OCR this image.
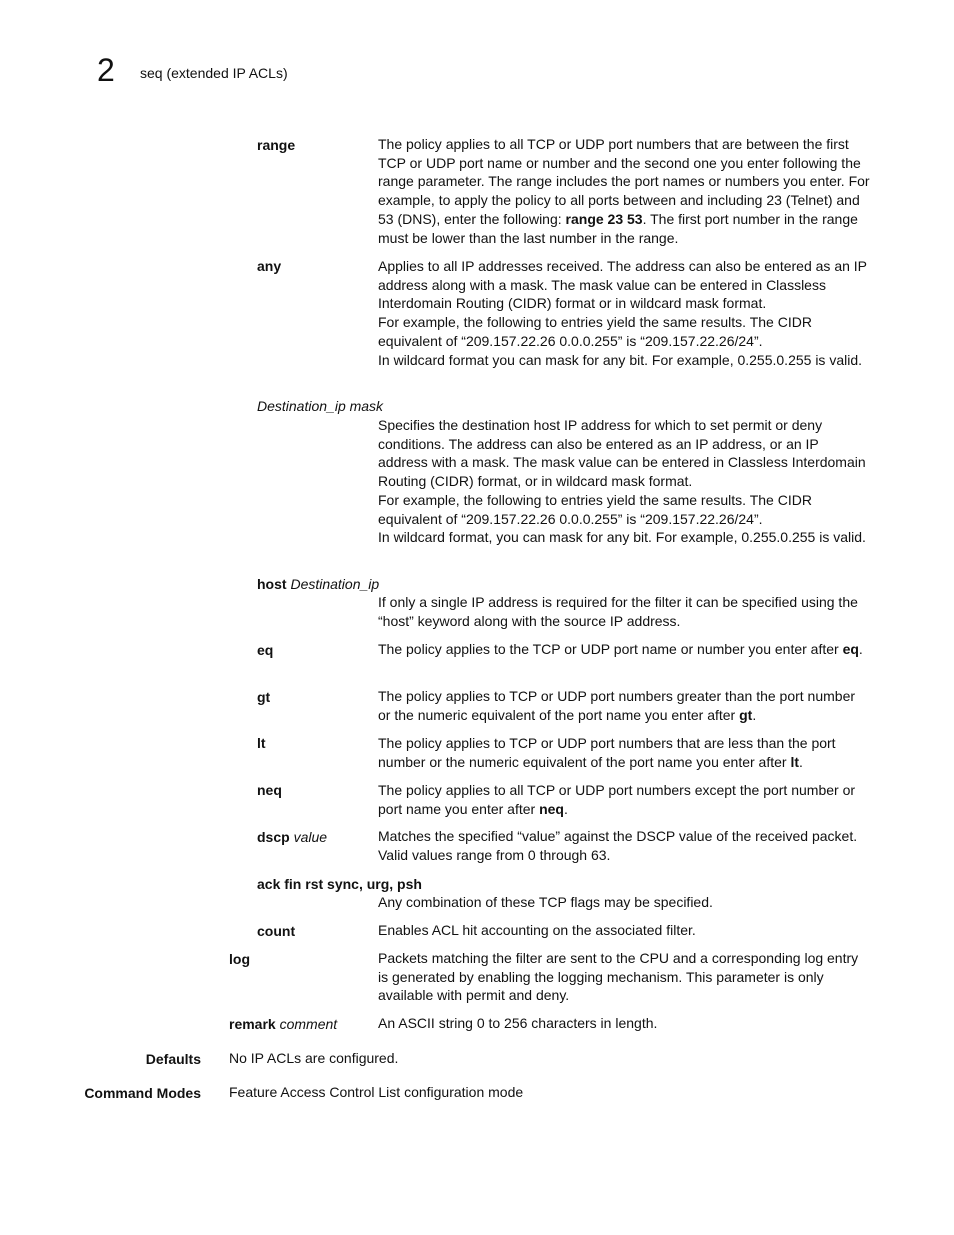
2 seq (extended IP ACLs)
range	The policy applies to all TCP or UDP port numbers that are between the first TCP or UDP port name or number and the second one you enter following the range parameter. The range includes the port names or numbers you enter. For example, to apply the policy to all ports between and including 23 (Telnet) and 53 (DNS), enter the following: range 23 53. The first port number in the range must be lower than the last number in the range.
any	Applies to all IP addresses received. The address can also be entered as an IP address along with a mask. The mask value can be entered in Classless Interdomain Routing (CIDR) format or in wildcard mask format.

For example, the following to entries yield the same results. The CIDR equivalent of “209.157.22.26 0.0.0.255” is “209.157.22.26/24”.

In wildcard format you can mask for any bit. For example, 0.255.0.255 is valid.

Destination_ip mask

Specifies the destination host IP address for which to set permit or deny conditions. The address can also be entered as an IP address, or an IP address with a mask. The mask value can be entered in Classless Interdomain Routing (CIDR) format, or in wildcard mask format.

For example, the following to entries yield the same results. The CIDR equivalent of “209.157.22.26 0.0.0.255” is “209.157.22.26/24”.

In wildcard format, you can mask for any bit. For example, 0.255.0.255 is valid.

host Destination_ip
If only a single IP address is required for the filter it can be specified using the “host” keyword along with the source IP address.
eq	The policy applies to the TCP or UDP port name or number you enter after eq.
gt	The policy applies to TCP or UDP port numbers greater than the port number or the numeric equivalent of the port name you enter after gt.
lt	The policy applies to TCP or UDP port numbers that are less than the port number or the numeric equivalent of the port name you enter after lt.
neq	The policy applies to all TCP or UDP port numbers except the port number or port name you enter after neq.
dscp value	Matches the specified “value” against the DSCP value of the received packet. Valid values range from 0 through 63.
ack fin rst sync, urg, psh
Any combination of these TCP flags may be specified.
count	Enables ACL hit accounting on the associated filter.
log	Packets matching the filter are sent to the CPU and a corresponding log entry is generated by enabling the logging mechanism. This parameter is only available with permit and deny.
remark comment	An ASCII string 0 to 256 characters in length.
Defaults No IP ACLs are configured.
Command Modes Feature Access Control List configuration mode
